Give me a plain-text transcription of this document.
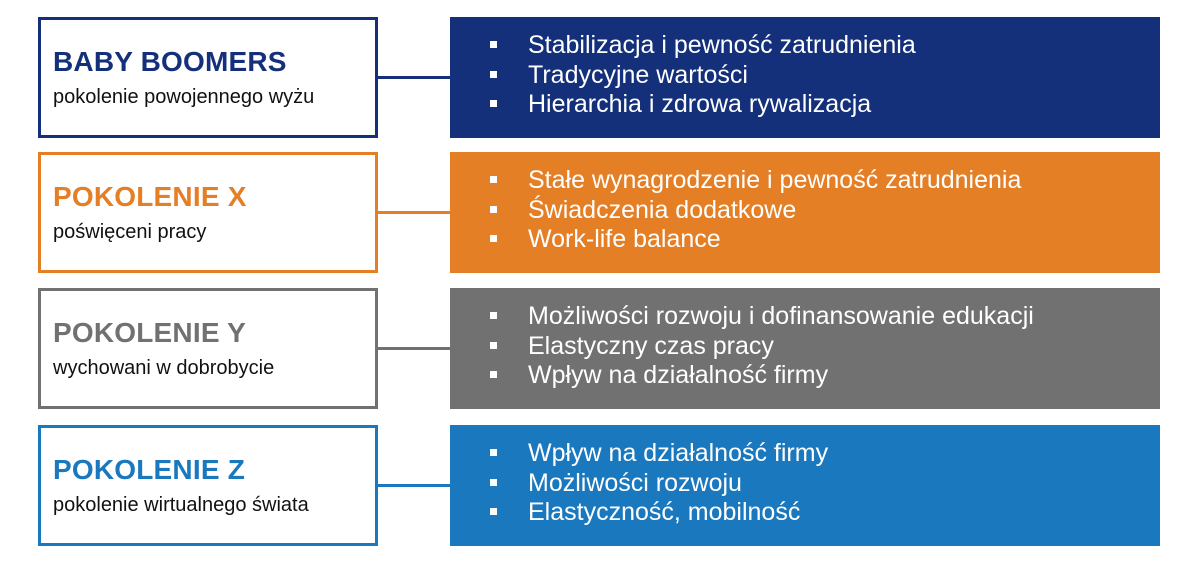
BABY BOOMERS
pokolenie powojennego wyżu
Stabilizacja i pewność zatrudnienia
Tradycyjne wartości
Hierarchia i zdrowa rywalizacja
POKOLENIE X
poświęceni pracy
Stałe wynagrodzenie i pewność zatrudnienia
Świadczenia dodatkowe
Work-life balance
POKOLENIE Y
wychowani w dobrobycie
Możliwości rozwoju i dofinansowanie edukacji
Elastyczny czas pracy
Wpływ na działalność firmy
POKOLENIE Z
pokolenie wirtualnego świata
Wpływ na działalność firmy
Możliwości rozwoju
Elastyczność, mobilność
